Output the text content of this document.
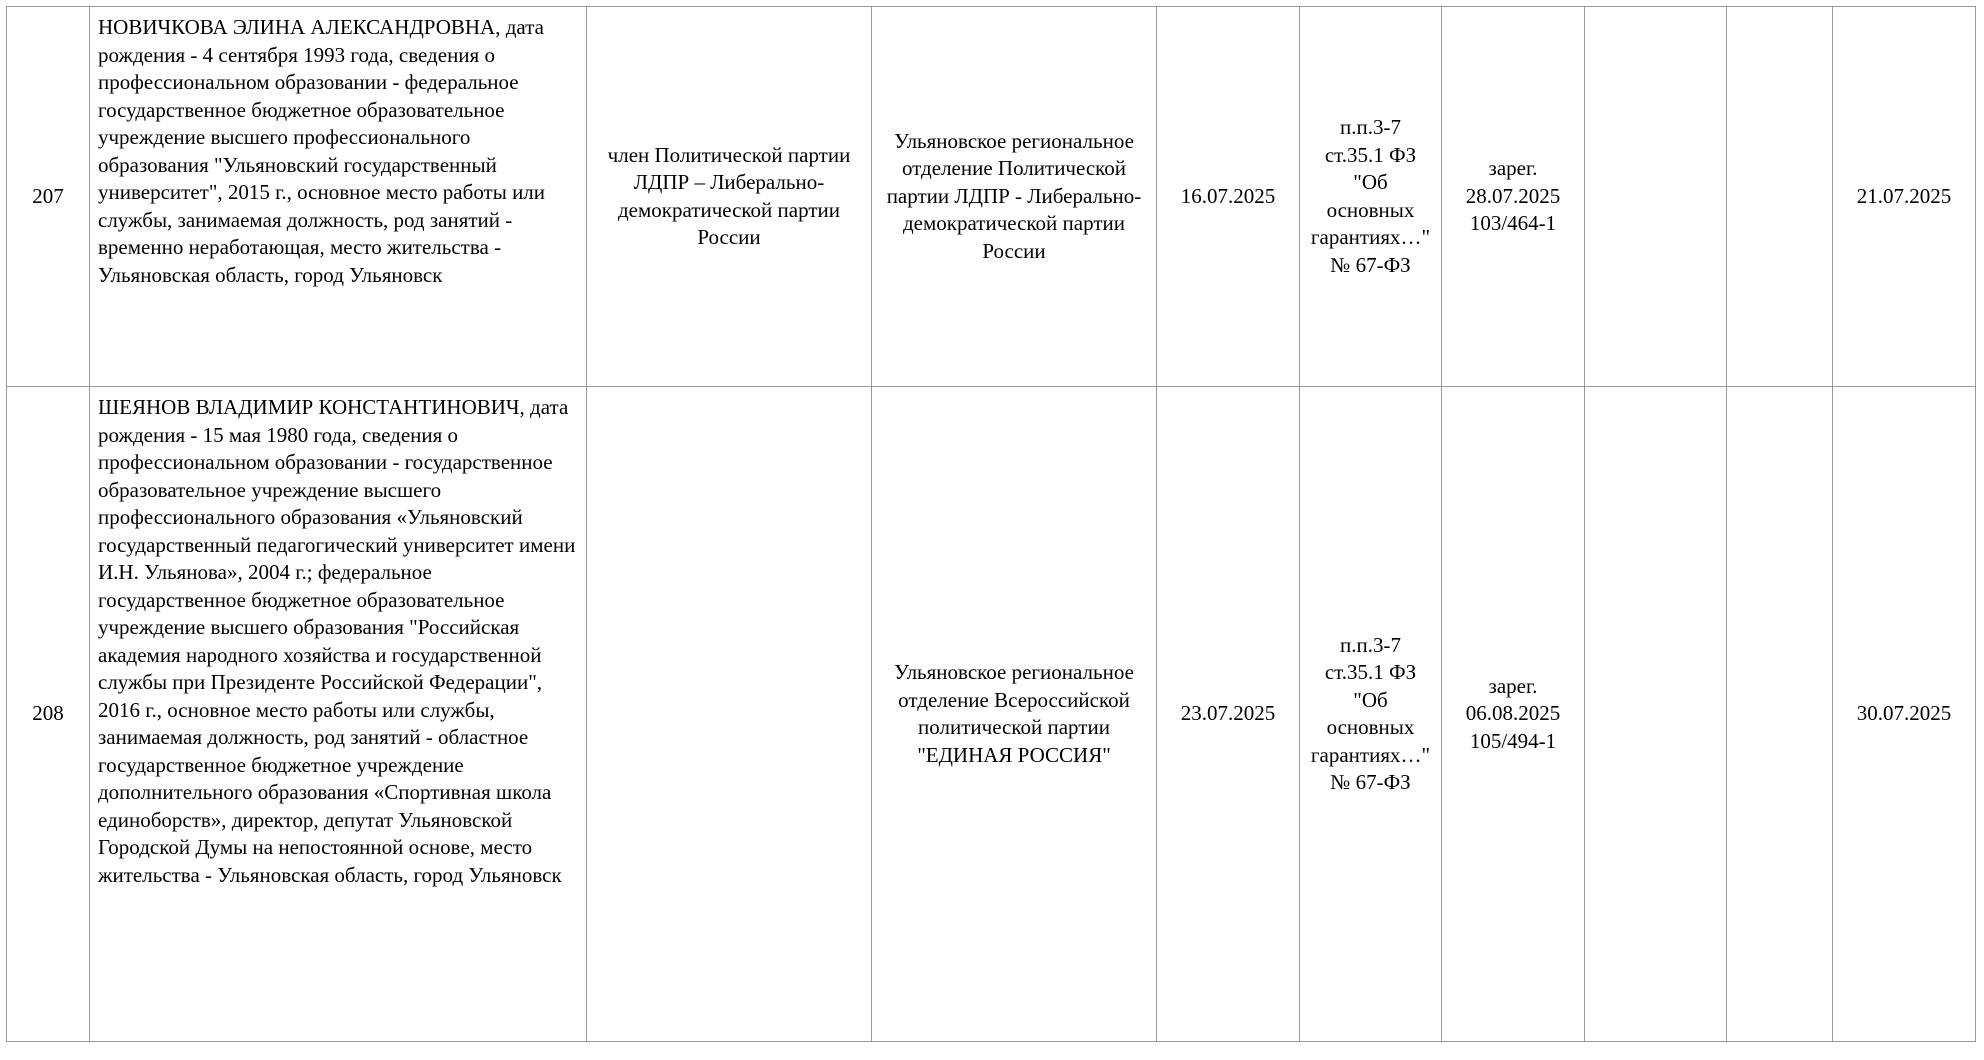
207	НОВИЧКОВА ЭЛИНА АЛЕКСАНДРОВНА, дата рождения - 4 сентября 1993 года, сведения о профессиональном образовании - федеральное государственное бюджетное образовательное учреждение высшего профессионального образования "Ульяновский государственный университет", 2015 г., основное место работы или службы, занимаемая должность, род занятий - временно неработающая, место жительства - Ульяновская область, город Ульяновск	член Политической партии ЛДПР – Либерально-демократической партии России	Ульяновское региональное отделение Политической партии ЛДПР - Либерально-демократической партии России	16.07.2025	п.п.3-7 ст.35.1 ФЗ "Об основных гарантиях…" № 67-ФЗ	зарег. 28.07.2025 103/464-1			21.07.2025
208	ШЕЯНОВ ВЛАДИМИР КОНСТАНТИНОВИЧ, дата рождения - 15 мая 1980 года, сведения о профессиональном образовании - государственное образовательное учреждение высшего профессионального образования «Ульяновский государственный педагогический университет имени И.Н. Ульянова», 2004 г.; федеральное государственное бюджетное образовательное учреждение высшего образования "Российская академия народного хозяйства и государственной службы при Президенте Российской Федерации", 2016 г., основное место работы или службы, занимаемая должность, род занятий - областное государственное бюджетное учреждение дополнительного образования «Спортивная школа единоборств», директор, депутат Ульяновской Городской Думы на непостоянной основе, место жительства - Ульяновская область, город Ульяновск		Ульяновское региональное отделение Всероссийской политической партии "ЕДИНАЯ РОССИЯ"	23.07.2025	п.п.3-7 ст.35.1 ФЗ "Об основных гарантиях…" № 67-ФЗ	зарег. 06.08.2025 105/494-1			30.07.2025
